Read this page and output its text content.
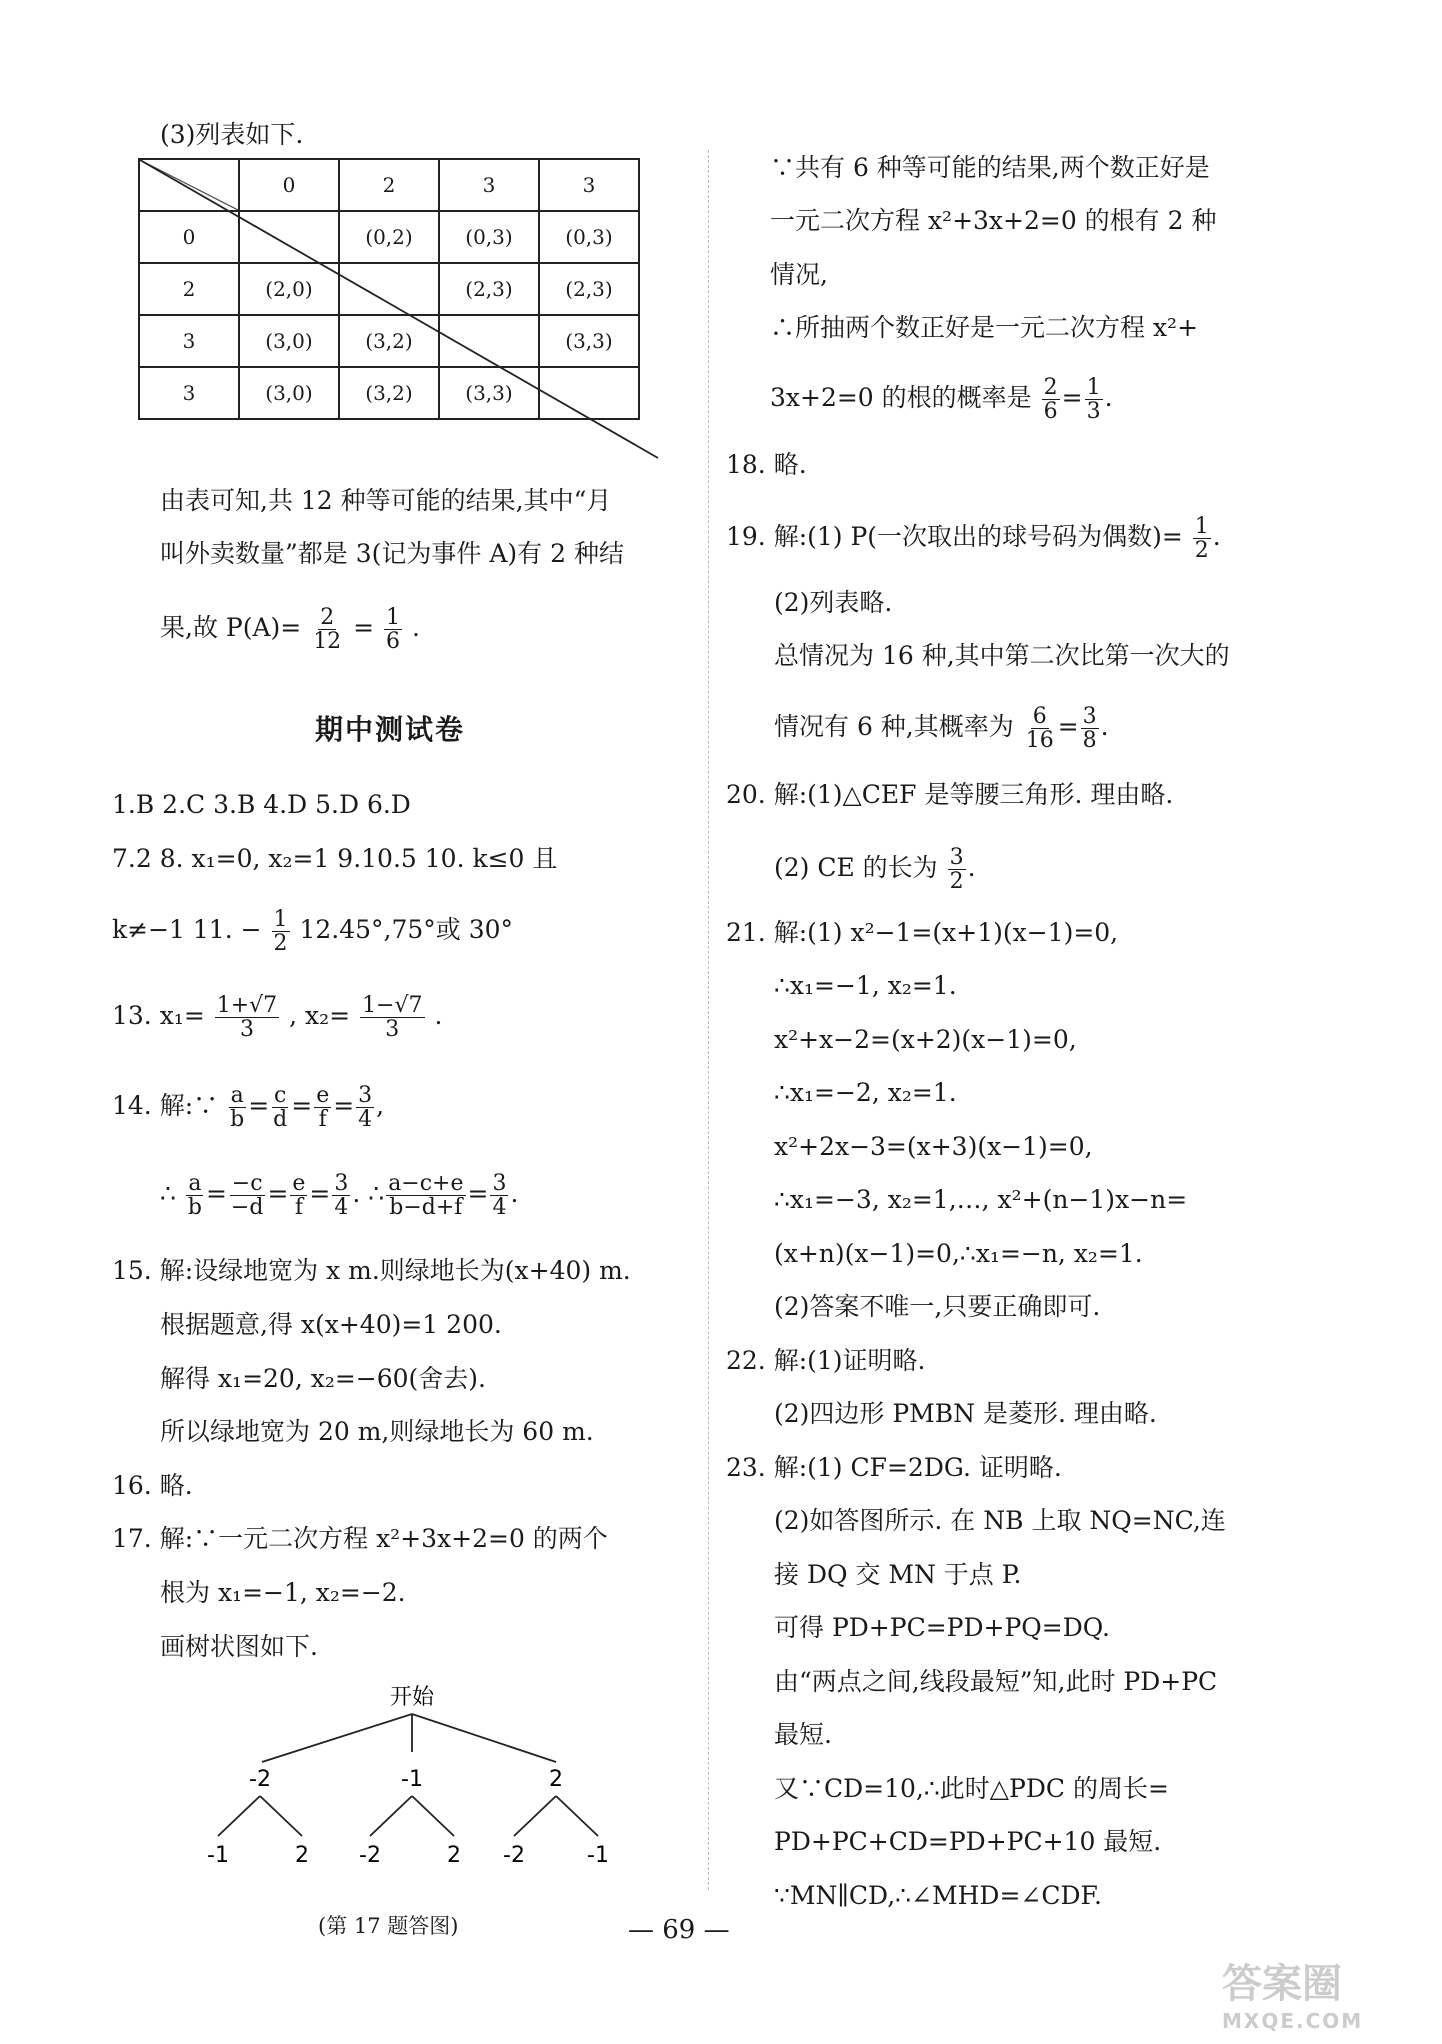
(3)列表如下.
	0	2	3	3
0		(0,2)	(0,3)	(0,3)
2	(2,0)		(2,3)	(2,3)
3	(3,0)	(3,2)		(3,3)
3	(3,0)	(3,2)	(3,3)	
由表可知,共 12 种等可能的结果,其中“月
叫外卖数量”都是 3(记为事件 A)有 2 种结
果,故 $P(A)= \frac{2}{12} = \frac{1}{6}$ .
期中测试卷
1.B 2.C 3.B 4.D 5.D 6.D
7.2 8. x₁=0, x₂=1 9.10.5 10. k≤0 且
k≠−1 11. − $\frac{1}{2} 12.45^\circ,75^\circ$或 30°
13. $x_1= \frac{1+√7}{3}$ , $x_2= \frac{1-√7}{3}$ .
14. 解:∵ $\frac{a}{b} = \frac{c}{d} = \frac{e}{f} = \frac{3}{4}$ ,
∴ $\frac{a}{b} = \frac{-c}{-d} = \frac{e}{f} = \frac{3}{4}$ . ∴ $\frac{a-c+e}{b-d+f} = \frac{3}{4}$ .
15. 解:设绿地宽为 x m.则绿地长为(x+40) m.
根据题意,得 x(x+40)=1 200.
解得 x₁=20, x₂=−60(舍去).
所以绿地宽为 20 m,则绿地长为 60 m.
16. 略.
17. 解:∵一元二次方程 x²+3x+2=0 的两个
根为 x₁=−1, x₂=−2.
画树状图如下.
开始
-2	-1	2
-1	2 -2	2 -2	-1
(第 17 题答图)
∵共有 6 种等可能的结果,两个数正好是
一元二次方程 x²+3x+2=0 的根有 2 种
情况,
∴所抽两个数正好是一元二次方程 x²+
3x+2=0 的根的概率是 $\frac{2}{6} = \frac{1}{3}$ .
18. 略.
19. 解:(1) P(一次取出的球号码为偶数)= $\frac{1}{2}$ .
(2)列表略.
总情况为 16 种,其中第二次比第一次大的
情况有 6 种,其概率为 $\frac{6}{16} = \frac{3}{8}$ .
20. 解:(1)△CEF 是等腰三角形. 理由略.
(2) CE 的长为 $\frac{3}{2}$ .
21. 解:(1) x²−1=(x+1)(x−1)=0,
∴x₁=−1, x₂=1.
x²+x−2=(x+2)(x−1)=0,
∴x₁=−2, x₂=1.
x²+2x−3=(x+3)(x−1)=0,
∴x₁=−3, x₂=1,…, x²+(n−1)x−n=
(x+n)(x−1)=0,∴x₁=−n, x₂=1.
(2)答案不唯一,只要正确即可.
22. 解:(1)证明略.
(2)四边形 PMBN 是菱形. 理由略.
23. 解:(1) CF=2DG. 证明略.
(2)如答图所示. 在 NB 上取 NQ=NC,连
接 DQ 交 MN 于点 P.
可得 PD+PC=PD+PQ=DQ.
由“两点之间,线段最短”知,此时 PD+PC
最短.
又∵CD=10,∴此时△PDC 的周长=
PD+PC+CD=PD+PC+10 最短.
∵MN∥CD,∴∠MHD=∠CDF.
— 69 —
答案圈
MXQE.COM
